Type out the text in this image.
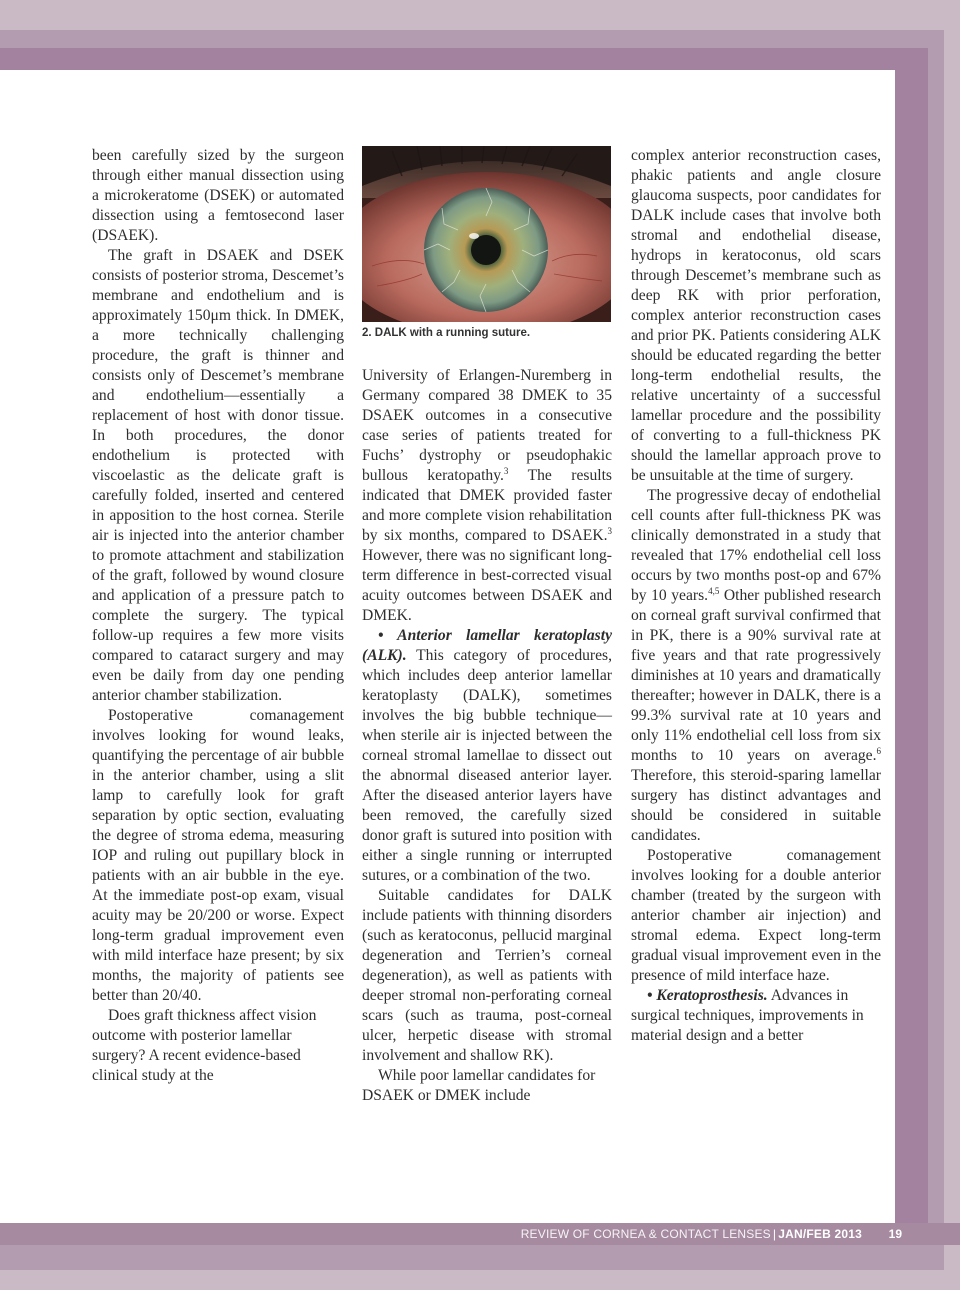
been carefully sized by the surgeon through either manual dissection using a microkeratome (DSEK) or automated dissection using a femtosecond laser (DSAEK).

The graft in DSAEK and DSEK consists of posterior stroma, Descemet’s membrane and endothelium and is approximately 150μm thick. In DMEK, a more technically challenging procedure, the graft is thinner and consists only of Descemet’s membrane and endothelium—essentially a replacement of host with donor tissue. In both procedures, the donor endothelium is protected with viscoelastic as the delicate graft is carefully folded, inserted and centered in apposition to the host cornea. Sterile air is injected into the anterior chamber to promote attachment and stabilization of the graft, followed by wound closure and application of a pressure patch to complete the surgery. The typical follow-up requires a few more visits compared to cataract surgery and may even be daily from day one pending anterior chamber stabilization.

Postoperative comanagement involves looking for wound leaks, quantifying the percentage of air bubble in the anterior chamber, using a slit lamp to carefully look for graft separation by optic section, evaluating the degree of stroma edema, measuring IOP and ruling out pupillary block in patients with an air bubble in the eye. At the immediate post-op exam, visual acuity may be 20/200 or worse. Expect long-term gradual improvement even with mild interface haze present; by six months, the majority of patients see better than 20/40.

Does graft thickness affect vision outcome with posterior lamellar surgery? A recent evidence-based clinical study at the

2. DALK with a running suture.

University of Erlangen-Nuremberg in Germany compared 38 DMEK to 35 DSAEK outcomes in a consecutive case series of patients treated for Fuchs’ dystrophy or pseudophakic bullous keratopathy.$^3$ The results indicated that DMEK provided faster and more complete vision rehabilitation by six months, compared to DSAEK.$^3$ However, there was no significant long-term difference in best-corrected visual acuity outcomes between DSAEK and DMEK.

• Anterior lamellar keratoplasty (ALK). This category of procedures, which includes deep anterior lamellar keratoplasty (DALK), sometimes involves the big bubble technique—when sterile air is injected between the corneal stromal lamellae to dissect out the abnormal diseased anterior layer. After the diseased anterior layers have been removed, the carefully sized donor graft is sutured into position with either a single running or interrupted sutures, or a combination of the two.

Suitable candidates for DALK include patients with thinning disorders (such as keratoconus, pellucid marginal degeneration and Terrien’s corneal degeneration), as well as patients with deeper stromal non-perforating corneal scars (such as trauma, post-corneal ulcer, herpetic disease with stromal involvement and shallow RK).

While poor lamellar candidates for DSAEK or DMEK include

complex anterior reconstruction cases, phakic patients and angle closure glaucoma suspects, poor candidates for DALK include cases that involve both stromal and endothelial disease, hydrops in keratoconus, old scars through Descemet’s membrane such as deep RK with prior perforation, complex anterior reconstruction cases and prior PK. Patients considering ALK should be educated regarding the better long-term endothelial results, the relative uncertainty of a successful lamellar procedure and the possibility of converting to a full-thickness PK should the lamellar approach prove to be unsuitable at the time of surgery.

The progressive decay of endothelial cell counts after full-thickness PK was clinically demonstrated in a study that revealed that 17% endothelial cell loss occurs by two months post-op and 67% by 10 years.$^{4,5}$ Other published research on corneal graft survival confirmed that in PK, there is a 90% survival rate at five years and that rate progressively diminishes at 10 years and dramatically thereafter; however in DALK, there is a 99.3% survival rate at 10 years and only 11% endothelial cell loss from six months to 10 years on average.$^6$ Therefore, this steroid-sparing lamellar surgery has distinct advantages and should be considered in suitable candidates.

Postoperative comanagement involves looking for a double anterior chamber (treated by the surgeon with anterior chamber air injection) and stromal edema. Expect long-term gradual visual improvement even in the presence of mild interface haze.

• Keratoprosthesis. Advances in surgical techniques, improvements in material design and a better

REVIEW OF CORNEA & CONTACT LENSES | JAN/FEB 2013 19
